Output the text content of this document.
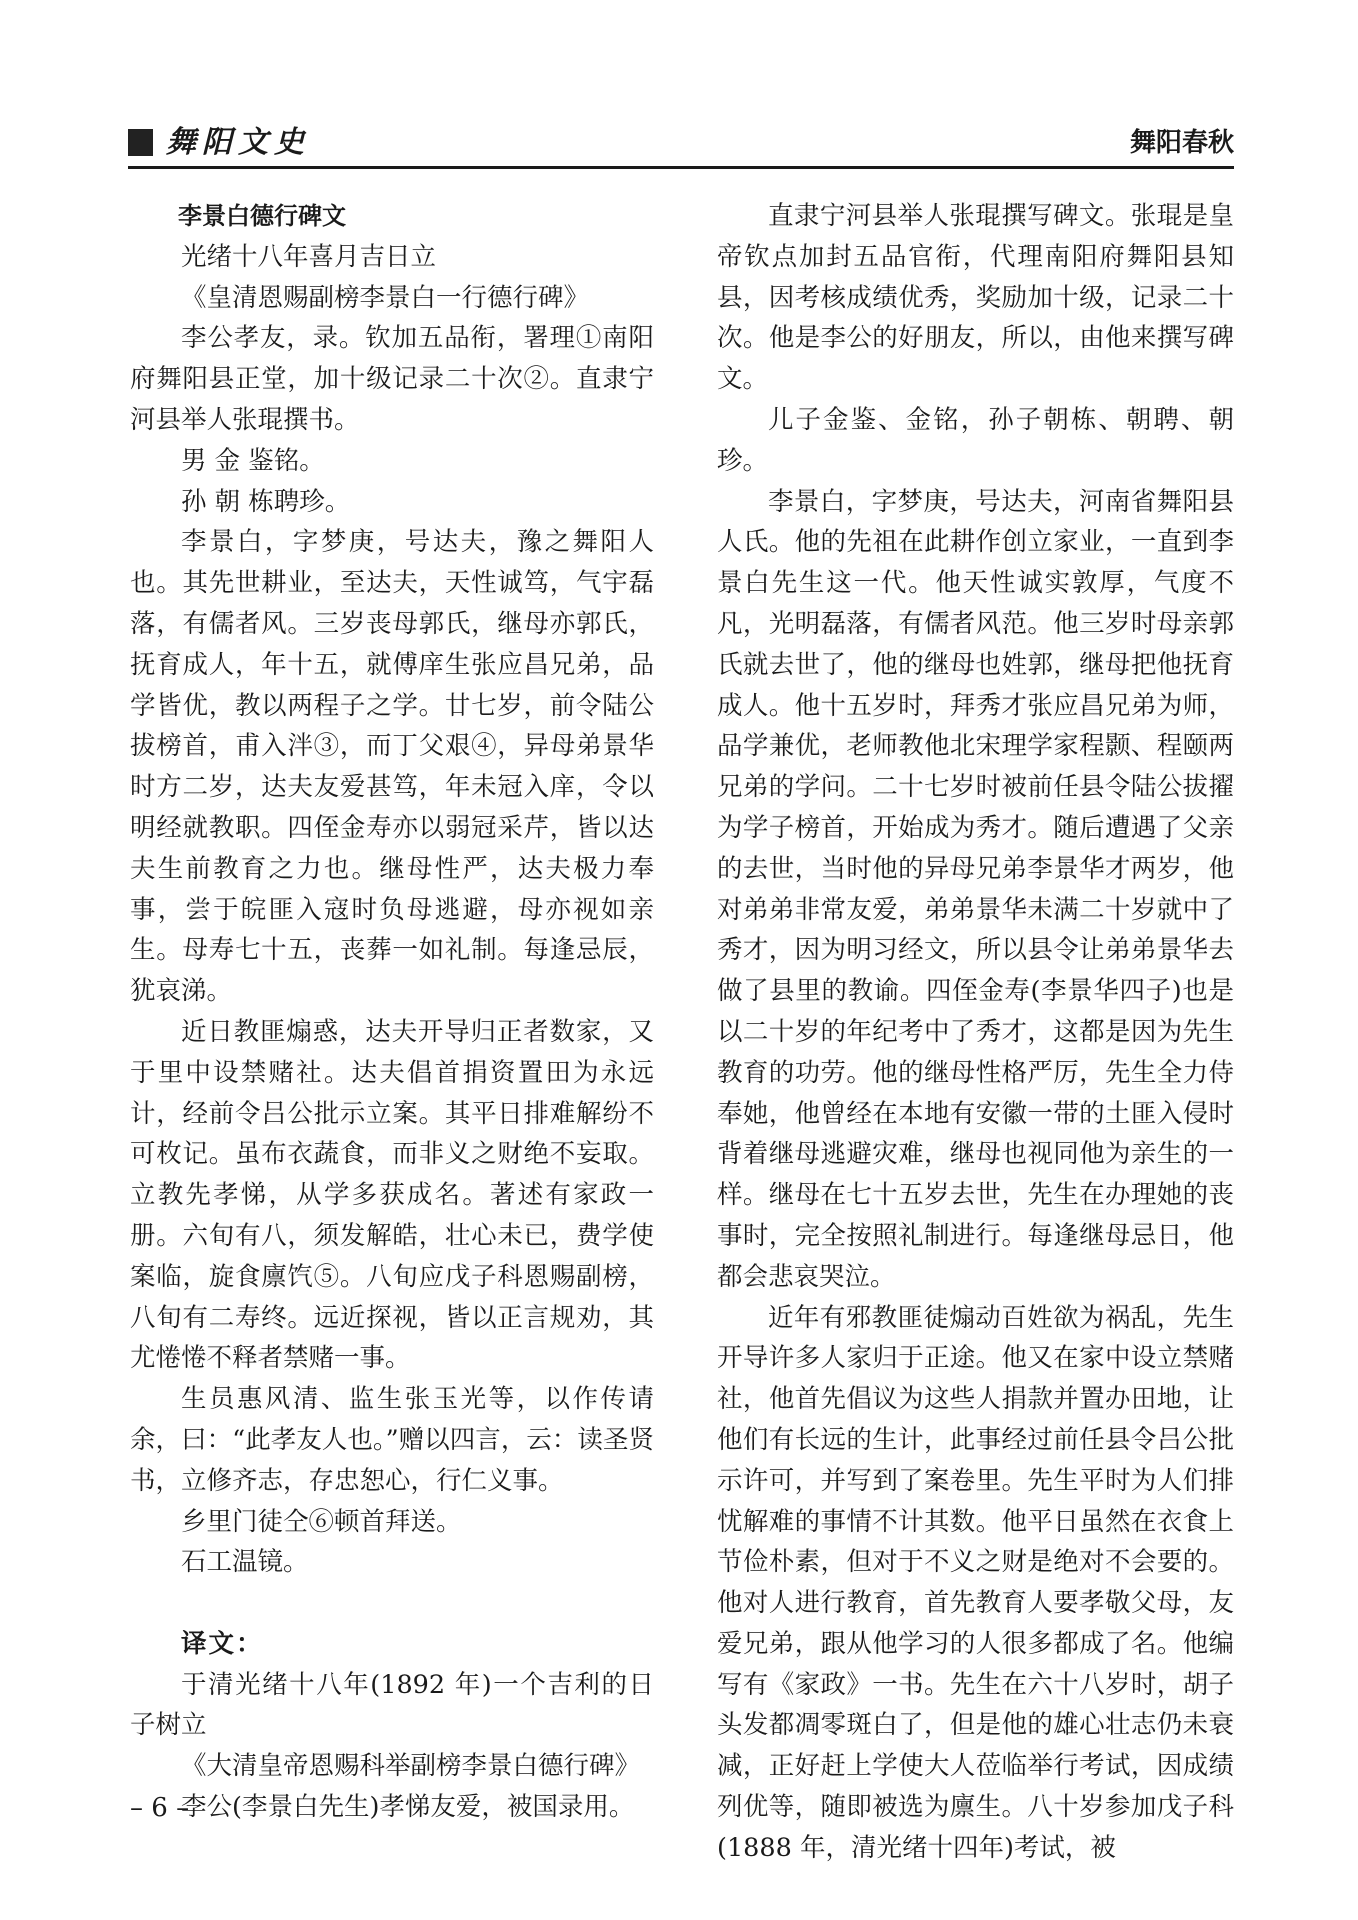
舞阳文史	舞阳春秋

李景白德行碑文

光绪十八年喜月吉日立

《皇清恩赐副榜李景白一行德行碑》

李公孝友，录。钦加五品衔，署理①南阳府舞阳县正堂，加十级记录二十次②。直隶宁河县举人张琨撰书。

男 金 鉴铭。

孙 朝 栋聘珍。

李景白，字梦庚，号达夫，豫之舞阳人也。其先世耕业，至达夫，天性诚笃，气宇磊落，有儒者风。三岁丧母郭氏，继母亦郭氏，抚育成人，年十五，就傅庠生张应昌兄弟，品学皆优，教以两程子之学。廿七岁，前令陆公拔榜首，甫入泮③，而丁父艰④，异母弟景华时方二岁，达夫友爱甚笃，年未冠入庠，令以明经就教职。四侄金寿亦以弱冠采芹，皆以达夫生前教育之力也。继母性严，达夫极力奉事，尝于皖匪入寇时负母逃避，母亦视如亲生。母寿七十五，丧葬一如礼制。每逢忌辰，犹哀涕。

近日教匪煽惑，达夫开导归正者数家，又于里中设禁赌社。达夫倡首捐资置田为永远计，经前令吕公批示立案。其平日排难解纷不可枚记。虽布衣蔬食，而非义之财绝不妄取。立教先孝悌，从学多获成名。著述有家政一册。六旬有八，须发解皓，壮心未已，费学使案临，旋食廪饩⑤。八旬应戊子科恩赐副榜，八旬有二寿终。远近探视，皆以正言规劝，其尤惓惓不释者禁赌一事。

生员惠风清、监生张玉光等，以作传请余，曰：“此孝友人也。”赠以四言，云：读圣贤书，立修齐志，存忠恕心，行仁义事。

乡里门徒仝⑥顿首拜送。

石工温镜。

译文：

于清光绪十八年(1892 年)一个吉利的日子树立

《大清皇帝恩赐科举副榜李景白德行碑》

李公(李景白先生)孝悌友爱，被国录用。

直隶宁河县举人张琨撰写碑文。张琨是皇帝钦点加封五品官衔，代理南阳府舞阳县知县，因考核成绩优秀，奖励加十级，记录二十次。他是李公的好朋友，所以，由他来撰写碑文。

儿子金鉴、金铭，孙子朝栋、朝聘、朝珍。

李景白，字梦庚，号达夫，河南省舞阳县人氏。他的先祖在此耕作创立家业，一直到李景白先生这一代。他天性诚实敦厚，气度不凡，光明磊落，有儒者风范。他三岁时母亲郭氏就去世了，他的继母也姓郭，继母把他抚育成人。他十五岁时，拜秀才张应昌兄弟为师，品学兼优，老师教他北宋理学家程颢、程颐两兄弟的学问。二十七岁时被前任县令陆公拔擢为学子榜首，开始成为秀才。随后遭遇了父亲的去世，当时他的异母兄弟李景华才两岁，他对弟弟非常友爱，弟弟景华未满二十岁就中了秀才，因为明习经文，所以县令让弟弟景华去做了县里的教谕。四侄金寿(李景华四子)也是以二十岁的年纪考中了秀才，这都是因为先生教育的功劳。他的继母性格严厉，先生全力侍奉她，他曾经在本地有安徽一带的土匪入侵时背着继母逃避灾难，继母也视同他为亲生的一样。继母在七十五岁去世，先生在办理她的丧事时，完全按照礼制进行。每逢继母忌日，他都会悲哀哭泣。

近年有邪教匪徒煽动百姓欲为祸乱，先生开导许多人家归于正途。他又在家中设立禁赌社，他首先倡议为这些人捐款并置办田地，让他们有长远的生计，此事经过前任县令吕公批示许可，并写到了案卷里。先生平时为人们排忧解难的事情不计其数。他平日虽然在衣食上节俭朴素，但对于不义之财是绝对不会要的。他对人进行教育，首先教育人要孝敬父母，友爱兄弟，跟从他学习的人很多都成了名。他编写有《家政》一书。先生在六十八岁时，胡子头发都凋零斑白了，但是他的雄心壮志仍未衰减，正好赶上学使大人莅临举行考试，因成绩列优等，随即被选为廪生。八十岁参加戊子科(1888 年，清光绪十四年)考试，被

– 6 –
